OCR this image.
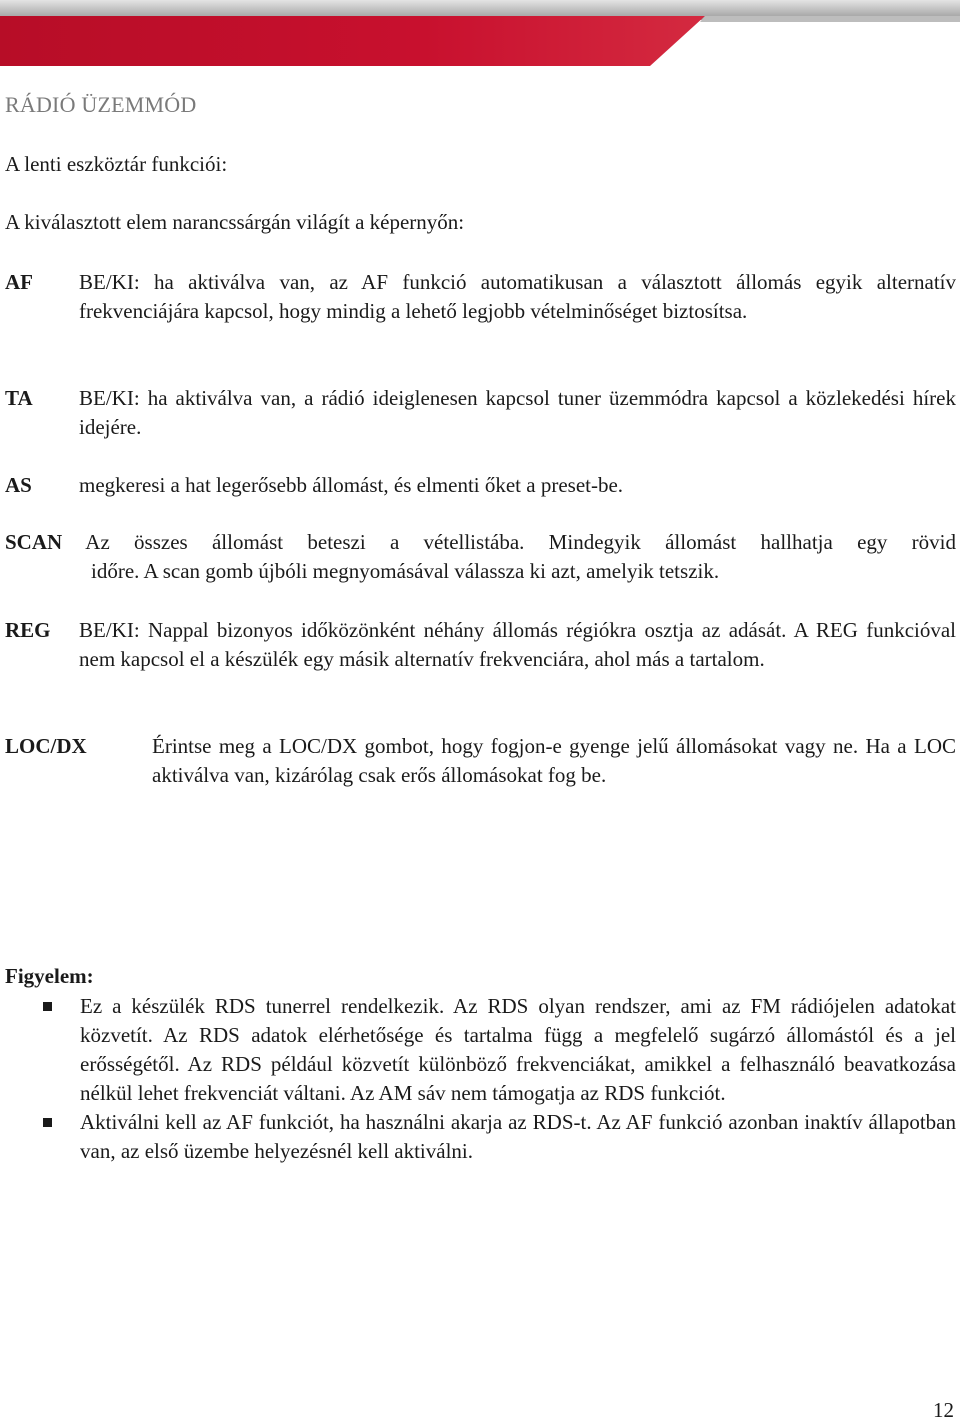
RÁDIÓ ÜZEMMÓD
A lenti eszköztár funkciói:
A kiválasztott elem narancssárgán világít a képernyőn:
AF BE/KI: ha aktiválva van, az AF funkció automatikusan a választott állomás egyik alternatív frekvenciájára kapcsol, hogy mindig a lehető legjobb vételminőséget biztosítsa.
TA BE/KI: ha aktiválva van, a rádió ideiglenesen kapcsol tuner üzemmódra kapcsol a közlekedési hírek idejére.
AS megkeresi a hat legerősebb állomást, és elmenti őket a preset-be.
SCAN Az összes állomást beteszi a vétellistába. Mindegyik állomást hallhatja egy rövid
időre. A scan gomb újbóli megnyomásával válassza ki azt, amelyik tetszik.
REG BE/KI: Nappal bizonyos időközönként néhány állomás régiókra osztja az adását. A REG funkcióval nem kapcsol el a készülék egy másik alternatív frekvenciára, ahol más a tartalom.
LOC/DX	Érintse meg a LOC/DX gombot, hogy fogjon-e gyenge jelű állomásokat vagy ne. Ha a LOC aktiválva van, kizárólag csak erős állomásokat fog be.
Figyelem:
Ez a készülék RDS tunerrel rendelkezik. Az RDS olyan rendszer, ami az FM rádiójelen adatokat közvetít. Az RDS adatok elérhetősége és tartalma függ a megfelelő sugárzó állomástól és a jel erősségétől. Az RDS például közvetít különböző frekvenciákat, amikkel a felhasználó beavatkozása nélkül lehet frekvenciát váltani. Az AM sáv nem támogatja az RDS funkciót.
Aktiválni kell az AF funkciót, ha használni akarja az RDS-t. Az AF funkció azonban inaktív állapotban van, az első üzembe helyezésnél kell aktiválni.
12
